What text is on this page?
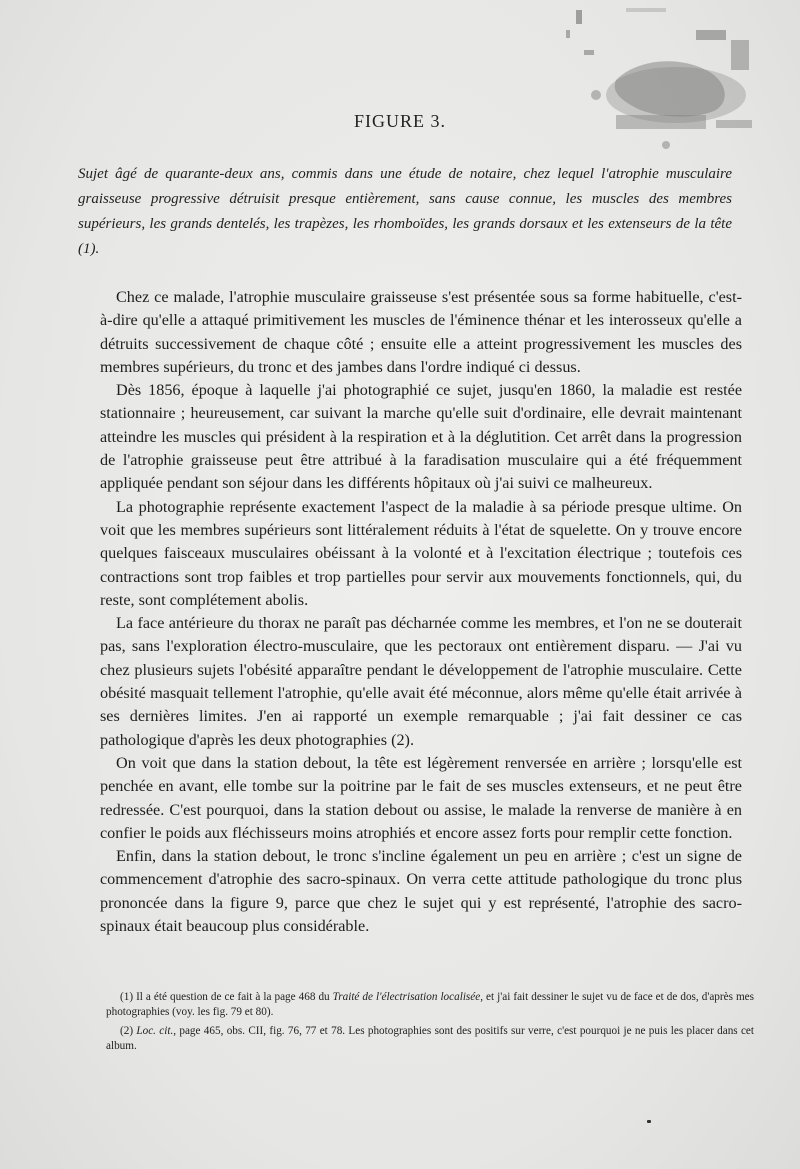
FIGURE 3.
Sujet âgé de quarante-deux ans, commis dans une étude de notaire, chez lequel l'atrophie musculaire graisseuse progressive détruisit presque entièrement, sans cause connue, les muscles des membres supérieurs, les grands dentelés, les trapèzes, les rhomboïdes, les grands dorsaux et les extenseurs de la tête (1).

Chez ce malade, l'atrophie musculaire graisseuse s'est présentée sous sa forme habituelle, c'est-à-dire qu'elle a attaqué primitivement les muscles de l'éminence thénar et les interosseux qu'elle a détruits successivement de chaque côté ; ensuite elle a atteint progressivement les muscles des membres supérieurs, du tronc et des jambes dans l'ordre indiqué ci dessus.

Dès 1856, époque à laquelle j'ai photographié ce sujet, jusqu'en 1860, la maladie est restée stationnaire ; heureusement, car suivant la marche qu'elle suit d'ordinaire, elle devrait maintenant atteindre les muscles qui président à la respiration et à la déglutition. Cet arrêt dans la progression de l'atrophie graisseuse peut être attribué à la faradisation musculaire qui a été fréquemment appliquée pendant son séjour dans les différents hôpitaux où j'ai suivi ce malheureux.

La photographie représente exactement l'aspect de la maladie à sa période presque ultime. On voit que les membres supérieurs sont littéralement réduits à l'état de squelette. On y trouve encore quelques faisceaux musculaires obéissant à la volonté et à l'excitation électrique ; toutefois ces contractions sont trop faibles et trop partielles pour servir aux mouvements fonctionnels, qui, du reste, sont complétement abolis.

La face antérieure du thorax ne paraît pas décharnée comme les membres, et l'on ne se douterait pas, sans l'exploration électro-musculaire, que les pectoraux ont entièrement disparu. — J'ai vu chez plusieurs sujets l'obésité apparaître pendant le développement de l'atrophie musculaire. Cette obésité masquait tellement l'atrophie, qu'elle avait été méconnue, alors même qu'elle était arrivée à ses dernières limites. J'en ai rapporté un exemple remarquable ; j'ai fait dessiner ce cas pathologique d'après les deux photographies (2).

On voit que dans la station debout, la tête est légèrement renversée en arrière ; lorsqu'elle est penchée en avant, elle tombe sur la poitrine par le fait de ses muscles extenseurs, et ne peut être redressée. C'est pourquoi, dans la station debout ou assise, le malade la renverse de manière à en confier le poids aux fléchisseurs moins atrophiés et encore assez forts pour remplir cette fonction.

Enfin, dans la station debout, le tronc s'incline également un peu en arrière ; c'est un signe de commencement d'atrophie des sacro-spinaux. On verra cette attitude pathologique du tronc plus prononcée dans la figure 9, parce que chez le sujet qui y est représenté, l'atrophie des sacro-spinaux était beaucoup plus considérable.

(1) Il a été question de ce fait à la page 468 du Traité de l'électrisation localisée, et j'ai fait dessiner le sujet vu de face et de dos, d'après mes photographies (voy. les fig. 79 et 80).

(2) Loc. cit., page 465, obs. CII, fig. 76, 77 et 78. Les photographies sont des positifs sur verre, c'est pourquoi je ne puis les placer dans cet album.
